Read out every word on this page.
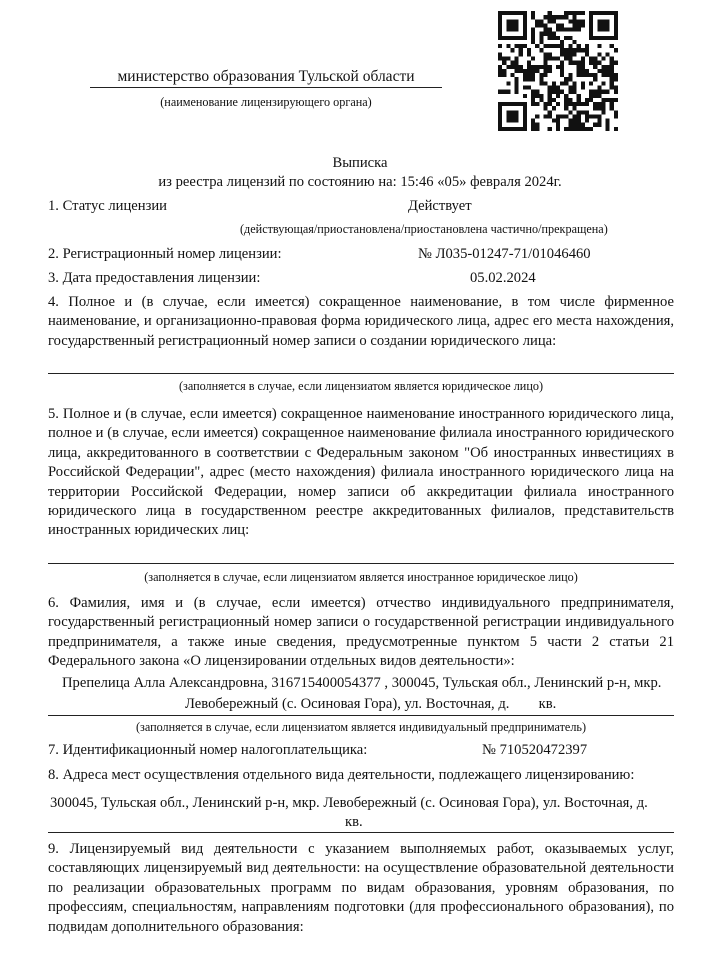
министерство образования Тульской области
(наименование лицензирующего органа)
Выписка
из реестра лицензий по состоянию на: 15:46 «05» февраля 2024г.
1. Статус лицензии	Действует
(действующая/приостановлена/приостановлена частично/прекращена)
2. Регистрационный номер лицензии:	№ Л035-01247-71/01046460
3. Дата предоставления лицензии:	05.02.2024
4. Полное и (в случае, если имеется) сокращенное наименование, в том числе фирменное наименование, и организационно-правовая форма юридического лица, адрес его места нахождения, государственный регистрационный номер записи о создании юридического лица:
(заполняется в случае, если лицензиатом является юридическое лицо)
5. Полное и (в случае, если имеется) сокращенное наименование иностранного юридического лица, полное и (в случае, если имеется) сокращенное наименование филиала иностранного юридического лица, аккредитованного в соответствии с Федеральным законом "Об иностранных инвестициях в Российской Федерации", адрес (место нахождения) филиала иностранного юридического лица на территории Российской Федерации, номер записи об аккредитации филиала иностранного юридического лица в государственном реестре аккредитованных филиалов, представительств иностранных юридических лиц:
(заполняется в случае, если лицензиатом является иностранное юридическое лицо)
6. Фамилия, имя и (в случае, если имеется) отчество индивидуального предпринимателя, государственный регистрационный номер записи о государственной регистрации индивидуального предпринимателя, а также иные сведения, предусмотренные пунктом 5 части 2 статьи 21 Федерального закона «О лицензировании отдельных видов деятельности»:
Препелица Алла Александровна, 316715400054377 , 300045, Тульская обл., Ленинский р-н, мкр.
Левобережный (с. Осиновая Гора), ул. Восточная, д.        кв.
(заполняется в случае, если лицензиатом является индивидуальный предприниматель)
7. Идентификационный номер налогоплательщика:	№ 710520472397
8. Адреса мест осуществления отдельного вида деятельности, подлежащего лицензированию:
300045, Тульская обл., Ленинский р-н, мкр. Левобережный (с. Осиновая Гора), ул. Восточная, д.
кв.
9. Лицензируемый вид деятельности с указанием выполняемых работ, оказываемых услуг, составляющих лицензируемый вид деятельности: на осуществление образовательной деятельности по реализации образовательных программ по видам образования, уровням образования, по профессиям, специальностям, направлениям подготовки (для профессионального образования), по подвидам дополнительного образования:
